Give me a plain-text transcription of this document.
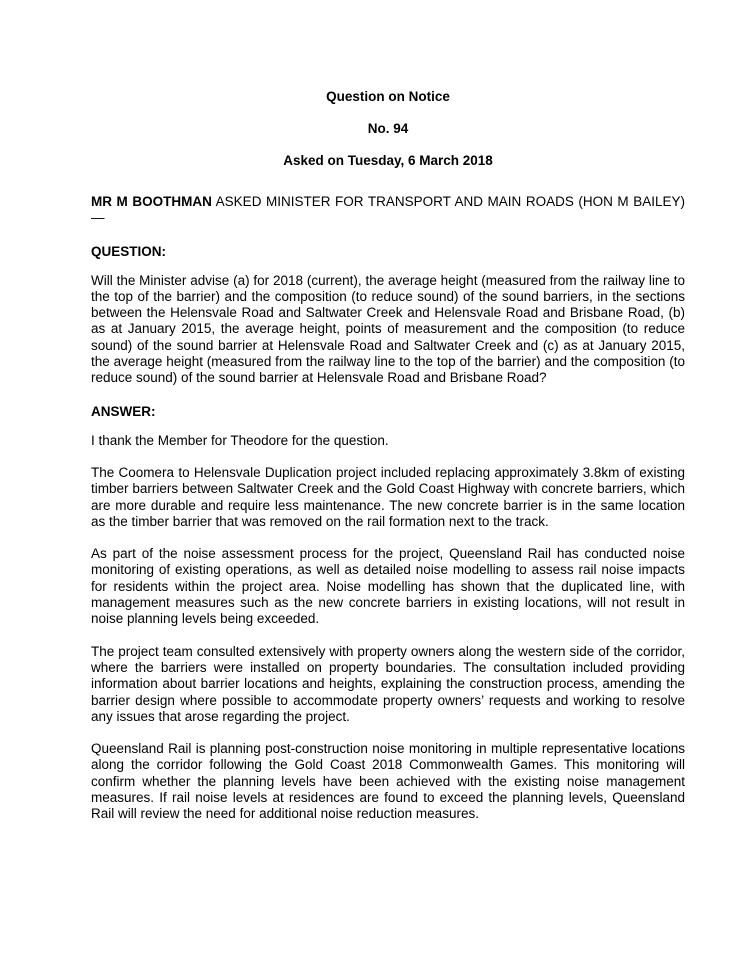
Question on Notice

No. 94

Asked on Tuesday, 6 March 2018

MR M BOOTHMAN ASKED MINISTER FOR TRANSPORT AND MAIN ROADS (HON M BAILEY)—

QUESTION:

Will the Minister advise (a) for 2018 (current), the average height (measured from the railway line to the top of the barrier) and the composition (to reduce sound) of the sound barriers, in the sections between the Helensvale Road and Saltwater Creek and Helensvale Road and Brisbane Road, (b) as at January 2015, the average height, points of measurement and the composition (to reduce sound) of the sound barrier at Helensvale Road and Saltwater Creek and (c) as at January 2015, the average height (measured from the railway line to the top of the barrier) and the composition (to reduce sound) of the sound barrier at Helensvale Road and Brisbane Road?

ANSWER:

I thank the Member for Theodore for the question.

The Coomera to Helensvale Duplication project included replacing approximately 3.8km of existing timber barriers between Saltwater Creek and the Gold Coast Highway with concrete barriers, which are more durable and require less maintenance. The new concrete barrier is in the same location as the timber barrier that was removed on the rail formation next to the track.

As part of the noise assessment process for the project, Queensland Rail has conducted noise monitoring of existing operations, as well as detailed noise modelling to assess rail noise impacts for residents within the project area. Noise modelling has shown that the duplicated line, with management measures such as the new concrete barriers in existing locations, will not result in noise planning levels being exceeded.

The project team consulted extensively with property owners along the western side of the corridor, where the barriers were installed on property boundaries. The consultation included providing information about barrier locations and heights, explaining the construction process, amending the barrier design where possible to accommodate property owners’ requests and working to resolve any issues that arose regarding the project.

Queensland Rail is planning post-construction noise monitoring in multiple representative locations along the corridor following the Gold Coast 2018 Commonwealth Games. This monitoring will confirm whether the planning levels have been achieved with the existing noise management measures. If rail noise levels at residences are found to exceed the planning levels, Queensland Rail will review the need for additional noise reduction measures.
